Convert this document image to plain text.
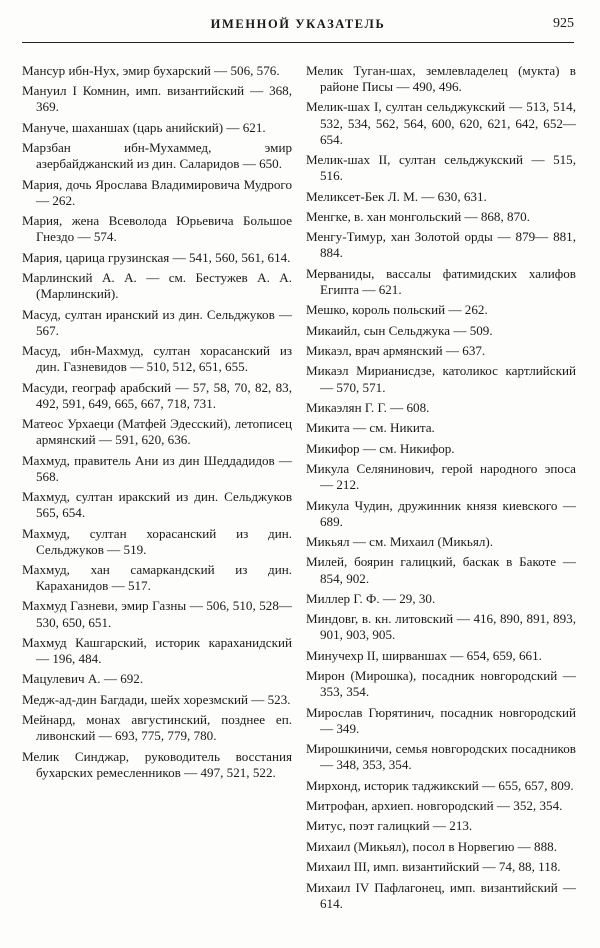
ИМЕННОЙ УКАЗАТЕЛЬ	925

Мансур ибн-Нух, эмир бухарский — 506, 576.

Мануил I Комнин, имп. византийский — 368, 369.

Мануче, шаханшах (царь анийский) — 621.

Марзбан ибн-Мухаммед, эмир азербайджанский из дин. Саларидов — 650.

Мария, дочь Ярослава Владимировича Мудрого — 262.

Мария, жена Всеволода Юрьевича Большое Гнездо — 574.

Мария, царица грузинская — 541, 560, 561, 614.

Марлинский А. А. — см. Бестужев А. А. (Марлинский).

Масуд, султан иранский из дин. Сельджуков — 567.

Масуд, ибн-Махмуд, султан хорасанский из дин. Газневидов — 510, 512, 651, 655.

Масуди, географ арабский — 57, 58, 70, 82, 83, 492, 591, 649, 665, 667, 718, 731.

Матеос Урхаеци (Матфей Эдесский), летописец армянский — 591, 620, 636.

Махмуд, правитель Ани из дин Шеддадидов — 568.

Махмуд, султан иракский из дин. Сельджуков 565, 654.

Махмуд, султан хорасанский из дин. Сельджуков — 519.

Махмуд, хан самаркандский из дин. Караханидов — 517.

Махмуд Газневи, эмир Газны — 506, 510, 528—530, 650, 651.

Махмуд Кашгарский, историк караханидский — 196, 484.

Мацулевич А. — 692.

Медж-ад-дин Багдади, шейх хорезмский — 523.

Мейнард, монах августинский, позднее еп. ливонский — 693, 775, 779, 780.

Мелик Синджар, руководитель восстания бухарских ремесленников — 497, 521, 522.

Мелик Туган-шах, землевладелец (мукта) в районе Писы — 490, 496.

Мелик-шах I, султан сельджукский — 513, 514, 532, 534, 562, 564, 600, 620, 621, 642, 652—654.

Мелик-шах II, султан сельджукский — 515, 516.

Меликсет-Бек Л. М. — 630, 631.

Менгке, в. хан монгольский — 868, 870.

Менгу-Тимур, хан Золотой орды — 879— 881, 884.

Мерваниды, вассалы фатимидских халифов Египта — 621.

Мешко, король польский — 262.

Микаийл, сын Сельджука — 509.

Микаэл, врач армянский — 637.

Микаэл Мирианисдзе, католикос картлийский — 570, 571.

Микаэлян Г. Г. — 608.

Микита — см. Никита.

Микифор — см. Никифор.

Микула Селянинович, герой народного эпоса — 212.

Микула Чудин, дружинник князя киевского — 689.

Микьял — см. Михаил (Микьял).

Милей, боярин галицкий, баскак в Бакоте — 854, 902.

Миллер Г. Ф. — 29, 30.

Миндовг, в. кн. литовский — 416, 890, 891, 893, 901, 903, 905.

Минучехр II, ширваншах — 654, 659, 661.

Мирон (Мирошка), посадник новгородский — 353, 354.

Мирослав Гюрятинич, посадник новгородский — 349.

Мирошкиничи, семья новгородских посадников — 348, 353, 354.

Мирхонд, историк таджикский — 655, 657, 809.

Митрофан, архиеп. новгородский — 352, 354.

Митус, поэт галицкий — 213.

Михаил (Микьял), посол в Норвегию — 888.

Михаил III, имп. византийский — 74, 88, 118.

Михаил IV Пафлагонец, имп. византийский — 614.
